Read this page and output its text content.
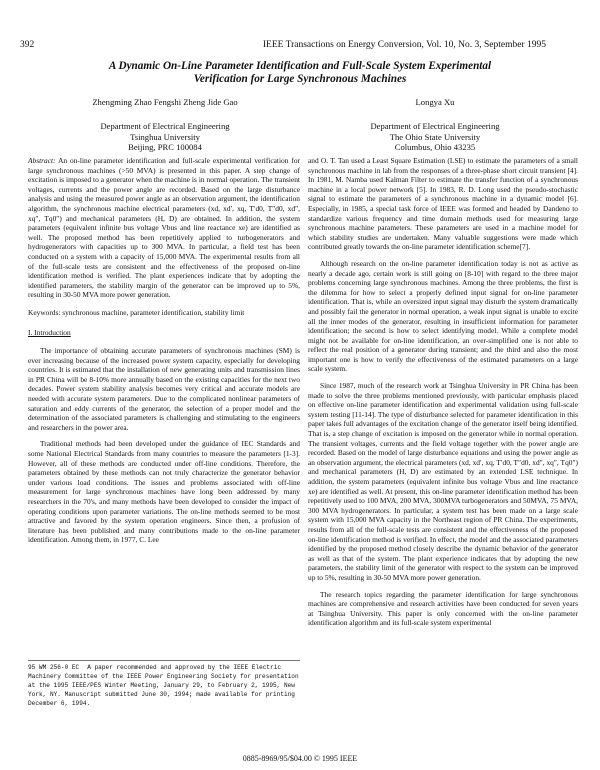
392	IEEE Transactions on Energy Conversion, Vol. 10, No. 3, September 1995
A Dynamic On-Line Parameter Identification and Full-Scale System Experimental
Verification for Large Synchronous Machines
Zhengming Zhao Fengshi Zheng Jide Gao
Department of Electrical Engineering
Tsinghua University
Beijing, PRC 100084
Longya Xu
Department of Electrical Engineering
The Ohio State University
Columbus, Ohio 43235

Abstract: An on-line parameter identification and full-scale experimental verification for large synchronous machines (>50 MVA) is presented in this paper. A step change of excitation is imposed to a generator when the machine is in normal operation. The transient voltages, currents and the power angle are recorded. Based on the large disturbance analysis and using the measured power angle as an observation argument, the identification algorithm, the synchronous machine electrical parameters (xd, xd′, xq, T′d0, T″d0, xd″, xq″, Tq0″) and mechanical parameters (H, D) are obtained. In addition, the system parameters (equivalent infinite bus voltage Vbus and line reactance xe) are identified as well. The proposed method has been repetitively applied to turbogenerators and hydrogenerators with capacities up to 300 MVA. In particular, a field test has been conducted on a system with a capacity of 15,000 MVA. The experimental results from all of the full-scale tests are consistent and the effectiveness of the proposed on-line identification method is verified. The plant experiences indicate that by adopting the identified parameters, the stability margin of the generator can be improved up to 5%, resulting in 30-50 MVA more power generation.

Keywords: synchronous machine, parameter identification, stability limit

I. Introduction

The importance of obtaining accurate parameters of synchronous machines (SM) is ever increasing because of the increased power system capacity, especially for developing countries. It is estimated that the installation of new generating units and transmission lines in PR China will be 8-10% more annually based on the existing capacities for the next two decades. Power system stability analysis becomes very critical and accurate models are needed with accurate system parameters. Due to the complicated nonlinear parameters of saturation and eddy currents of the generator, the selection of a proper model and the determination of the associated parameters is challenging and stimulating to the engineers and researchers in the power area.

Traditional methods had been developed under the guidance of IEC Standards and some National Electrical Standards from many countries to measure the parameters [1-3]. However, all of these methods are conducted under off-line conditions. Therefore, the parameters obtained by these methods can not truly characterize the generator behavior under various load conditions. The issues and problems associated with off-line measurement for large synchronous machines have long been addressed by many researchers in the 70's, and many methods have been developed to consider the impact of operating conditions upon parameter variations. The on-line methods seemed to be most attractive and favored by the system operation engineers. Since then, a profusion of literature has been published and many contributions made to the on-line parameter identification. Among them, in 1977, C. Lee

and O. T. Tan used a Least Square Estimation (LSE) to estimate the parameters of a small synchronous machine in lab from the responses of a three-phase short circuit transient [4]. In 1981, M. Namba used Kalman Filter to estimate the transfer function of a synchronous machine in a local power network [5]. In 1983, R. D. Long used the pseudo-stochastic signal to estimate the parameters of a synchronous machine in a dynamic model [6]. Especially, in 1985, a special task force of IEEE was formed and headed by Dandeno to standardize various frequency and time domain methods used for measuring large synchronous machine parameters. These parameters are used in a machine model for which stability studies are undertaken. Many valuable suggestions were made which contributed greatly towards the on-line parameter identification scheme[7].

Although research on the on-line parameter identification today is not as active as nearly a decade ago, certain work is still going on [8-10] with regard to the three major problems concerning large synchronous machines. Among the three problems, the first is the dilemma for how to select a properly defined input signal for on-line parameter identification. That is, while an oversized input signal may disturb the system dramatically and possibly fail the generator in normal operation, a weak input signal is unable to excite all the inner modes of the generator, resulting in insufficient information for parameter identification; the second is how to select identifying model. While a complete model might not be available for on-line identification, an over-simplified one is not able to reflect the real position of a generator during transient; and the third and also the most important one is how to verify the effectiveness of the estimated parameters on a large scale system.

Since 1987, much of the research work at Tsinghua University in PR China has been made to solve the three problems mentioned previously, with particular emphasis placed on effective on-line parameter identification and experimental validation using full-scale system testing [11-14]. The type of disturbance selected for parameter identification in this paper takes full advantages of the excitation change of the generator itself being identified. That is, a step change of excitation is imposed on the generator while in normal operation. The transient voltages, currents and the field voltage together with the power angle are recorded. Based on the model of large disturbance equations and using the power angle as an observation argument, the electrical parameters (xd, xd′, xq, T′d0, T″d0, xd″, xq″, Tq0″) and mechanical parameters (H, D) are estimated by an extended LSE technique. In addition, the system parameters (equivalent infinite bus voltage Vbus and line reactance xe) are identified as well. At present, this on-line parameter identification method has been repetitively used to 100 MVA, 200 MVA, 300MVA turbogenerators and 50MVA, 75 MVA, 300 MVA hydrogenerators. In particular, a system test has been made on a large scale system with 15,000 MVA capacity in the Northeast region of PR China. The experiments, results from all of the full-scale tests are consistent and the effectiveness of the proposed on-line identification method is verified. In effect, the model and the associated parameters identified by the proposed method closely describe the dynamic behavior of the generator as well as that of the system. The plant experience indicates that by adopting the new parameters, the stability limit of the generator with respect to the system can be improved up to 5%, resulting in 30-50 MVA more power generation.

The research topics regarding the parameter identification for large synchronous machines are comprehensive and research activities have been conducted for seven years at Tsinghua University. This paper is only concerned with the on-line parameter identification algorithm and its full-scale system experimental

95 WM 256-0 EC A paper recommended and approved by the IEEE Electric Machinery Committee of the IEEE Power Engineering Society for presentation at the 1995 IEEE/PES Winter Meeting, January 29, to February 2, 1995, New York, NY. Manuscript submitted June 30, 1994; made available for printing December 6, 1994.
0885-8969/95/$04.00 © 1995 IEEE
